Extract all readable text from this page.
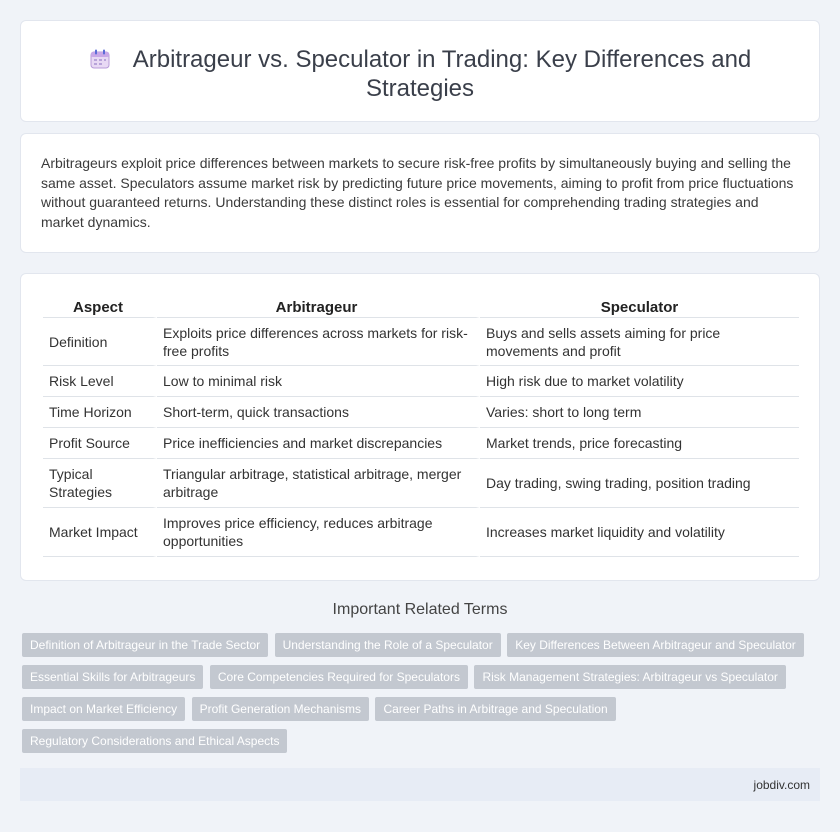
Arbitrageur vs. Speculator in Trading: Key Differences and Strategies

Arbitrageurs exploit price differences between markets to secure risk-free profits by simultaneously buying and selling the same asset. Speculators assume market risk by predicting future price movements, aiming to profit from price fluctuations without guaranteed returns. Understanding these distinct roles is essential for comprehending trading strategies and market dynamics.

Aspect	Arbitrageur	Speculator
Definition	Exploits price differences across markets for risk-free profits	Buys and sells assets aiming for price movements and profit
Risk Level	Low to minimal risk	High risk due to market volatility
Time Horizon	Short-term, quick transactions	Varies: short to long term
Profit Source	Price inefficiencies and market discrepancies	Market trends, price forecasting
Typical Strategies	Triangular arbitrage, statistical arbitrage, merger arbitrage	Day trading, swing trading, position trading
Market Impact	Improves price efficiency, reduces arbitrage opportunities	Increases market liquidity and volatility
Important Related Terms
Definition of Arbitrageur in the Trade Sector Understanding the Role of a Speculator Key Differences Between Arbitrageur and Speculator Essential Skills for Arbitrageurs Core Competencies Required for Speculators Risk Management Strategies: Arbitrageur vs Speculator Impact on Market Efficiency Profit Generation Mechanisms Career Paths in Arbitrage and Speculation Regulatory Considerations and Ethical Aspects
jobdiv.com
